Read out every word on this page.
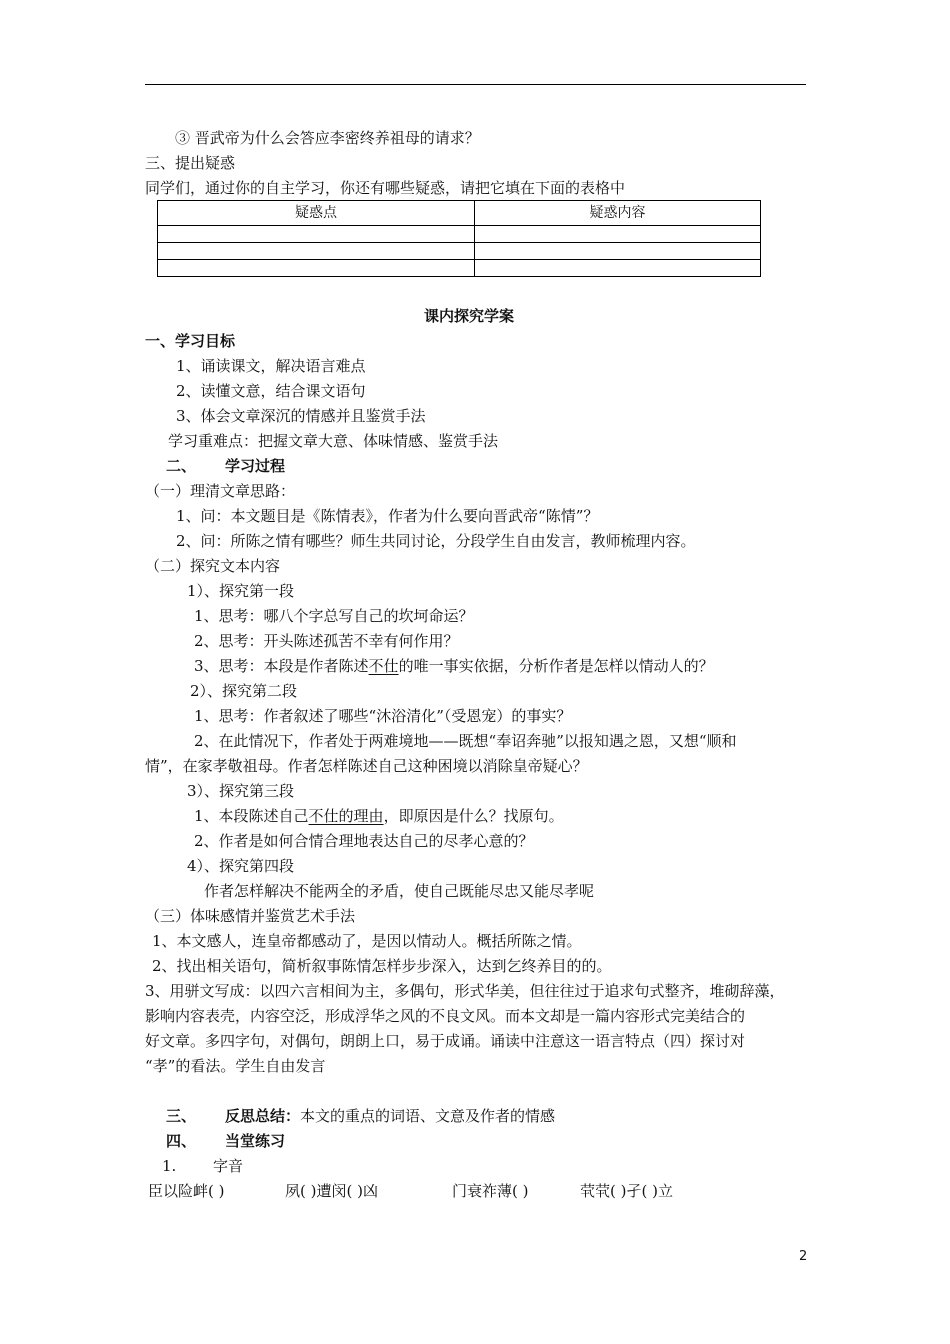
③ 晋武帝为什么会答应李密终养祖母的请求？
三、提出疑惑
同学们，通过你的自主学习，你还有哪些疑惑，请把它填在下面的表格中
疑惑点	疑惑内容

课内探究学案
一、学习目标
1、诵读课文，解决语言难点
2、读懂文意，结合课文语句
3、体会文章深沉的情感并且鉴赏手法
学习重难点：把握文章大意、体味情感、鉴赏手法
二、 学习过程
（一）理清文章思路：
1、问：本文题目是《陈情表》，作者为什么要向晋武帝“陈情”？
2、问：所陈之情有哪些？师生共同讨论，分段学生自由发言，教师梳理内容。
（二）探究文本内容
1）、探究第一段
1、思考：哪八个字总写自己的坎坷命运？
2、思考：开头陈述孤苦不幸有何作用？
3、思考：本段是作者陈述不仕的唯一事实依据，分析作者是怎样以情动人的？
2）、探究第二段
1、思考：作者叙述了哪些“沐浴清化”（受恩宠）的事实？
2、在此情况下，作者处于两难境地——既想“奉诏奔驰”以报知遇之恩，又想“顺和
情”，在家孝敬祖母。作者怎样陈述自己这种困境以消除皇帝疑心？
3）、探究第三段
1、本段陈述自己不仕的理由，即原因是什么？找原句。
2、作者是如何合情合理地表达自己的尽孝心意的？
4）、探究第四段
作者怎样解决不能两全的矛盾，使自己既能尽忠又能尽孝呢
（三）体味感情并鉴赏艺术手法
1、本文感人，连皇帝都感动了，是因以情动人。概括所陈之情。
2、找出相关语句，简析叙事陈情怎样步步深入，达到乞终养目的的。
3、用骈文写成：以四六言相间为主，多偶句，形式华美，但往往过于追求句式整齐，堆砌辞藻，
影响内容表壳，内容空泛，形成浮华之风的不良文风。而本文却是一篇内容形式完美结合的
好文章。多四字句，对偶句，朗朗上口，易于成诵。诵读中注意这一语言特点（四）探讨对
“孝”的看法。学生自由发言
三、 反思总结：本文的重点的词语、文意及作者的情感
四、 当堂练习
1. 字音
臣以险衅( )	夙( )遭闵( )凶	门衰祚薄( )	茕茕( )孑( )立
2
